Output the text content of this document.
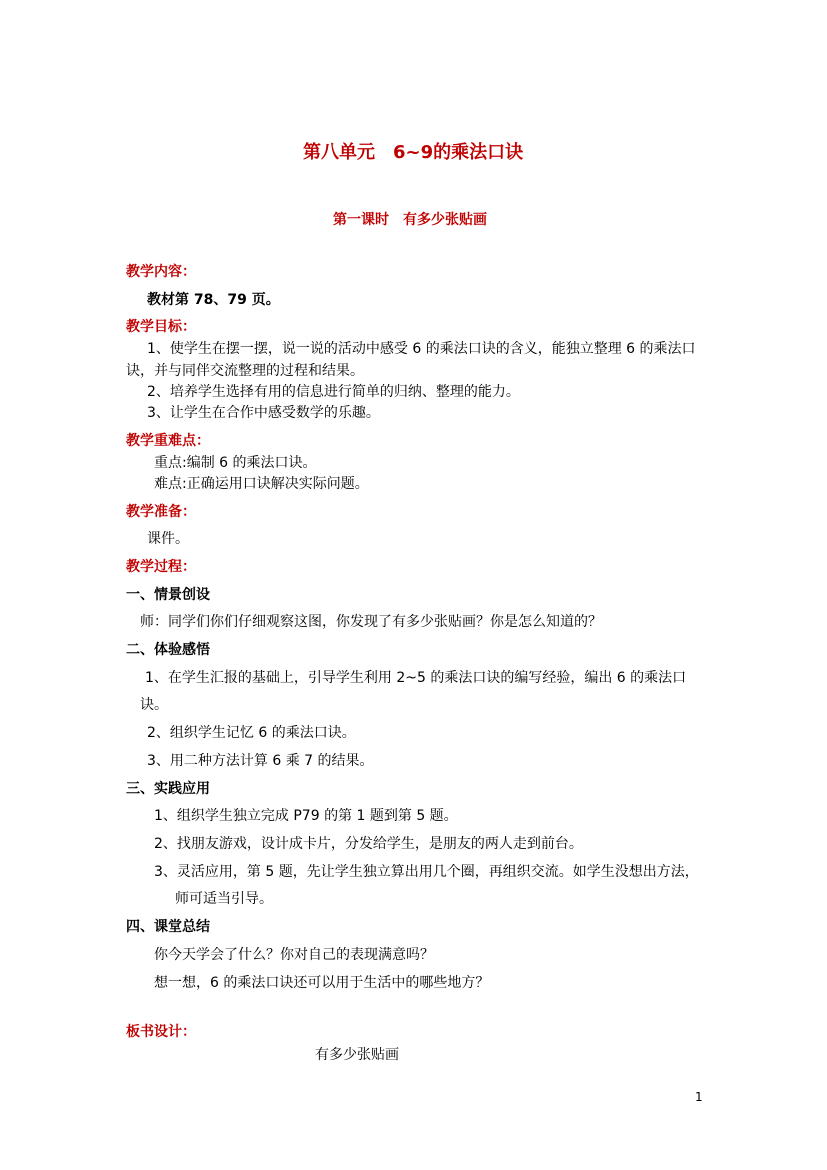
第八单元　6~9的乘法口诀
第一课时　有多少张贴画
教学内容：
教材第 78、79 页。
教学目标：
1、使学生在摆一摆，说一说的活动中感受 6 的乘法口诀的含义，能独立整理 6 的乘法口
诀，并与同伴交流整理的过程和结果。
2、培养学生选择有用的信息进行简单的归纳、整理的能力。
3、让学生在合作中感受数学的乐趣。
教学重难点：
重点:编制 6 的乘法口诀。
难点:正确运用口诀解决实际问题。
教学准备：
课件。
教学过程：
一、情景创设
师：同学们你们仔细观察这图，你发现了有多少张贴画？你是怎么知道的？
二、体验感悟
1、在学生汇报的基础上，引导学生利用 2~5 的乘法口诀的编写经验，编出 6 的乘法口
诀。
2、组织学生记忆 6 的乘法口诀。
3、用二种方法计算 6 乘 7 的结果。
三、实践应用
1、组织学生独立完成 P79 的第 1 题到第 5 题。
2、找朋友游戏，设计成卡片，分发给学生，是朋友的两人走到前台。
3、灵活应用，第 5 题，先让学生独立算出用几个圈，再组织交流。如学生没想出方法，
师可适当引导。
四、课堂总结
你今天学会了什么？你对自己的表现满意吗？
想一想，6 的乘法口诀还可以用于生活中的哪些地方？
板书设计：
有多少张贴画
1
